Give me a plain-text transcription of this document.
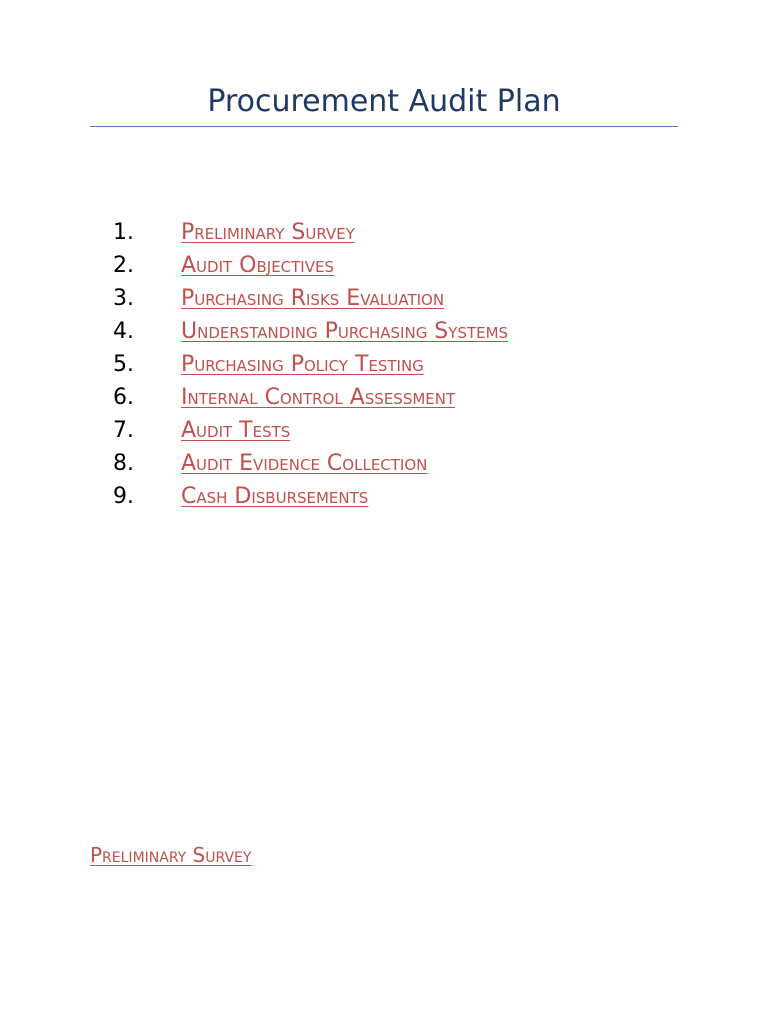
Procurement Audit Plan
1. Preliminary Survey
2. Audit Objectives
3. Purchasing Risks Evaluation
4. Understanding Purchasing Systems
5. Purchasing Policy Testing
6. Internal Control Assessment
7. Audit Tests
8. Audit Evidence Collection
9. Cash Disbursements
Preliminary Survey
